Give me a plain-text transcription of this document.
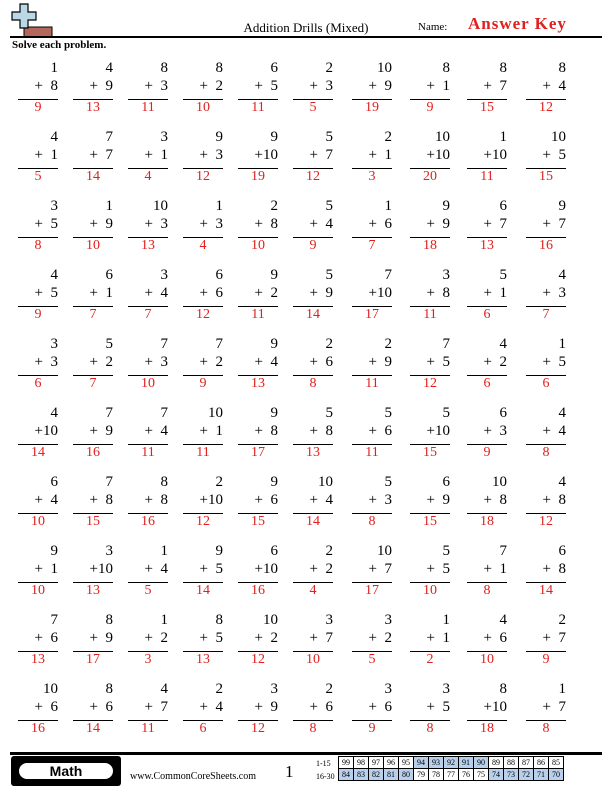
Addition Drills (Mixed)	Name: Answer Key
Solve each problem.
1
+ 8
9
4
+ 9
13
8
+ 3
11
8
+ 2
10
6
+ 5
11
2
+ 3
5
10
+ 9
19
8
+ 1
9
8
+ 7
15
8
+ 4
12
4
+ 1
5
7
+ 7
14
3
+ 1
4
9
+ 3
12
9
+10
19
5
+ 7
12
2
+ 1
3
10
+10
20
1
+10
11
10
+ 5
15
3
+ 5
8
1
+ 9
10
10
+ 3
13
1
+ 3
4
2
+ 8
10
5
+ 4
9
1
+ 6
7
9
+ 9
18
6
+ 7
13
9
+ 7
16
4
+ 5
9
6
+ 1
7
3
+ 4
7
6
+ 6
12
9
+ 2
11
5
+ 9
14
7
+10
17
3
+ 8
11
5
+ 1
6
4
+ 3
7
3
+ 3
6
5
+ 2
7
7
+ 3
10
7
+ 2
9
9
+ 4
13
2
+ 6
8
2
+ 9
11
7
+ 5
12
4
+ 2
6
1
+ 5
6
4
+10
14
7
+ 9
16
7
+ 4
11
10
+ 1
11
9
+ 8
17
5
+ 8
13
5
+ 6
11
5
+10
15
6
+ 3
9
4
+ 4
8
6
+ 4
10
7
+ 8
15
8
+ 8
16
2
+10
12
9
+ 6
15
10
+ 4
14
5
+ 3
8
6
+ 9
15
10
+ 8
18
4
+ 8
12
9
+ 1
10
3
+10
13
1
+ 4
5
9
+ 5
14
6
+10
16
2
+ 2
4
10
+ 7
17
5
+ 5
10
7
+ 1
8
6
+ 8
14
7
+ 6
13
8
+ 9
17
1
+ 2
3
8
+ 5
13
10
+ 2
12
3
+ 7
10
3
+ 2
5
1
+ 1
2
4
+ 6
10
2
+ 7
9
10
+ 6
16
8
+ 6
14
4
+ 7
11
2
+ 4
6
3
+ 9
12
2
+ 6
8
3
+ 6
9
3
+ 5
8
8
+10
18
1
+ 7
8
Math	www.CommonCoreSheets.com 1	1-15
16-30
99	98	97	96	95	94	93	92	91	90	89	88	87	86	85
84	83	82	81	80	79	78	77	76	75	74	73	72	71	70
